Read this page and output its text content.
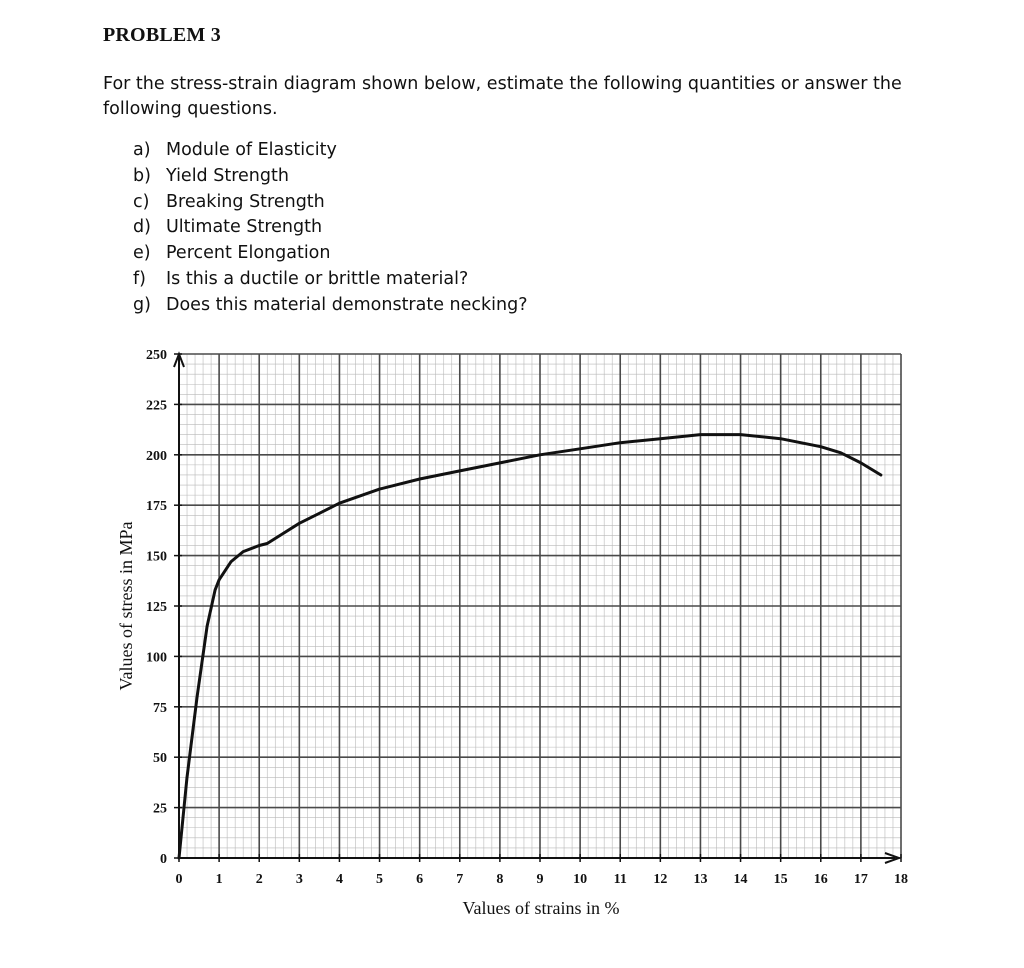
PROBLEM 3
For the stress-strain diagram shown below, estimate the following quantities or answer the following questions.
a) Module of Elasticity
b) Yield Strength
c) Breaking Strength
d) Ultimate Strength
e) Percent Elongation
f)	Is this a ductile or brittle material?
g) Does this material demonstrate necking?
0 1 2 3 4 5 6 7 8 9 10 11 12 13 14 15 16 17 18
0
25
50
75
100
125
150
175
200
225
250
Values of strains in %
Values of stress in MPa
